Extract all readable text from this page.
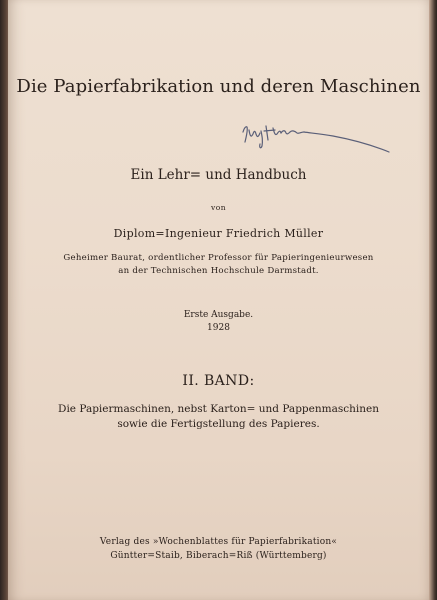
Die Papierfabrikation und deren Maschinen
Ein Lehr= und Handbuch
von
Diplom=Ingenieur Friedrich Müller
Geheimer Baurat, ordentlicher Professor für Papieringenieurwesen
an der Technischen Hochschule Darmstadt.
Erste Ausgabe.
1928
II. BAND:
Die Papiermaschinen, nebst Karton= und Pappenmaschinen
sowie die Fertigstellung des Papieres.
Verlag des »Wochenblattes für Papierfabrikation«
Güntter=Staib, Biberach=Riß (Württemberg)
